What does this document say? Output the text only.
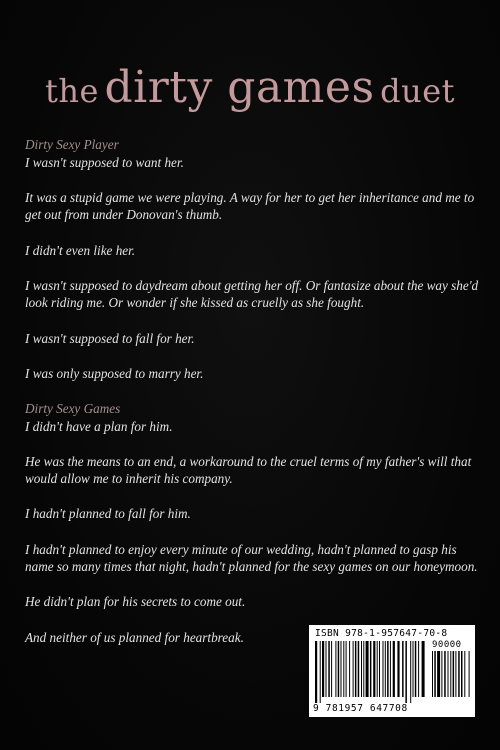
the dirty games duet

Dirty Sexy Player

I wasn't supposed to want her.

It was a stupid game we were playing. A way for her to get her inheritance and me to get out from under Donovan's thumb.

I didn't even like her.

I wasn't supposed to daydream about getting her off. Or fantasize about the way she'd look riding me. Or wonder if she kissed as cruelly as she fought.

I wasn't supposed to fall for her.

I was only supposed to marry her.

Dirty Sexy Games

I didn't have a plan for him.

He was the means to an end, a workaround to the cruel terms of my father's will that would allow me to inherit his company.

I hadn't planned to fall for him.

I hadn't planned to enjoy every minute of our wedding, hadn't planned to gasp his name so many times that night, hadn't planned for the sexy games on our honeymoon.

He didn't plan for his secrets to come out.

And neither of us planned for heartbreak.	ISBN 978-1-957647-70-8
90000
9 781957 647708
